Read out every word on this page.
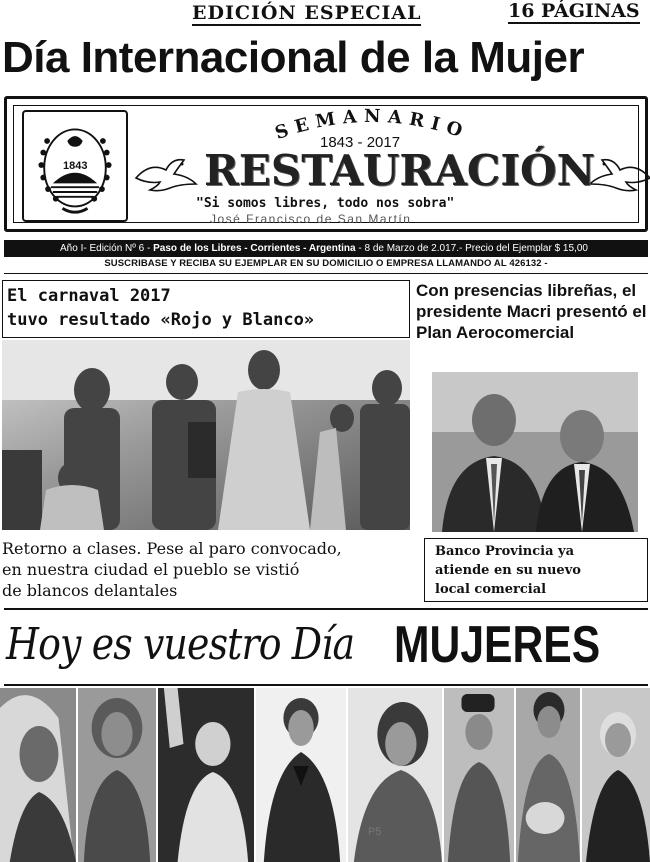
EDICIÓN ESPECIAL	16 PÁGINAS
Día Internacional de la Mujer
1843
SEMANARIO
1843 - 2017
RESTAURACIÓN
"Si somos libres, todo nos sobra"
José Francisco de San Martín
Año I- Edición Nº 6 - Paso de los Libres - Corrientes - Argentina - 8 de Marzo de 2.017.- Precio del Ejemplar $ 15,00
SUSCRIBASE Y RECIBA SU EJEMPLAR EN SU DOMICILIO O EMPRESA LLAMANDO AL 426132 -
El carnaval 2017
tuvo resultado «Rojo y Blanco»
Con presencias libreñas, el presidente Macri presentó el Plan Aerocomercial
Retorno a clases. Pese al paro convocado,
en nuestra ciudad el pueblo se vistió
de blancos delantales
Banco Provincia ya
atiende en su nuevo
local comercial
Hoy es vuestro Día MUJERES
P5
